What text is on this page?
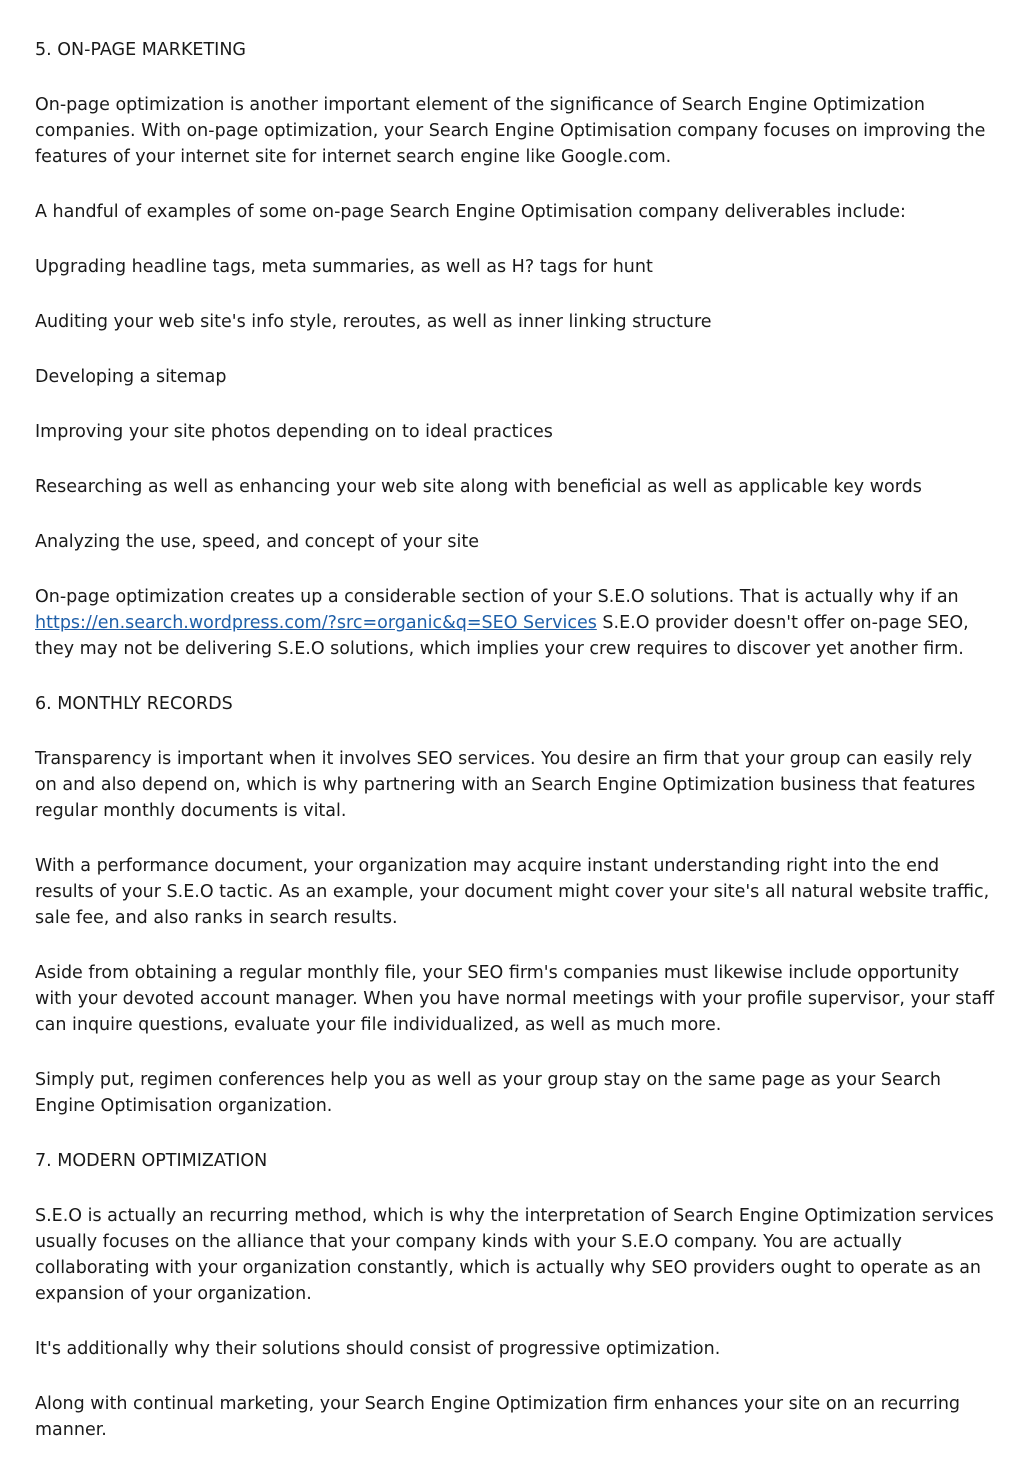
5. ON-PAGE MARKETING

On-page optimization is another important element of the significance of Search Engine Optimization companies. With on-page optimization, your Search Engine Optimisation company focuses on improving the features of your internet site for internet search engine like Google.com.

A handful of examples of some on-page Search Engine Optimisation company deliverables include:

Upgrading headline tags, meta summaries, as well as H? tags for hunt

Auditing your web site's info style, reroutes, as well as inner linking structure

Developing a sitemap

Improving your site photos depending on to ideal practices

Researching as well as enhancing your web site along with beneficial as well as applicable key words

Analyzing the use, speed, and concept of your site

On-page optimization creates up a considerable section of your S.E.O solutions. That is actually why if an https://en.search.wordpress.com/?src=organic&q=SEO Services S.E.O provider doesn't offer on-page SEO, they may not be delivering S.E.O solutions, which implies your crew requires to discover yet another firm.

6. MONTHLY RECORDS

Transparency is important when it involves SEO services. You desire an firm that your group can easily rely on and also depend on, which is why partnering with an Search Engine Optimization business that features regular monthly documents is vital.

With a performance document, your organization may acquire instant understanding right into the end results of your S.E.O tactic. As an example, your document might cover your site's all natural website traffic, sale fee, and also ranks in search results.

Aside from obtaining a regular monthly file, your SEO firm's companies must likewise include opportunity with your devoted account manager. When you have normal meetings with your profile supervisor, your staff can inquire questions, evaluate your file individualized, as well as much more.

Simply put, regimen conferences help you as well as your group stay on the same page as your Search Engine Optimisation organization.

7. MODERN OPTIMIZATION

S.E.O is actually an recurring method, which is why the interpretation of Search Engine Optimization services usually focuses on the alliance that your company kinds with your S.E.O company. You are actually collaborating with your organization constantly, which is actually why SEO providers ought to operate as an expansion of your organization.

It's additionally why their solutions should consist of progressive optimization.

Along with continual marketing, your Search Engine Optimization firm enhances your site on an recurring manner.
